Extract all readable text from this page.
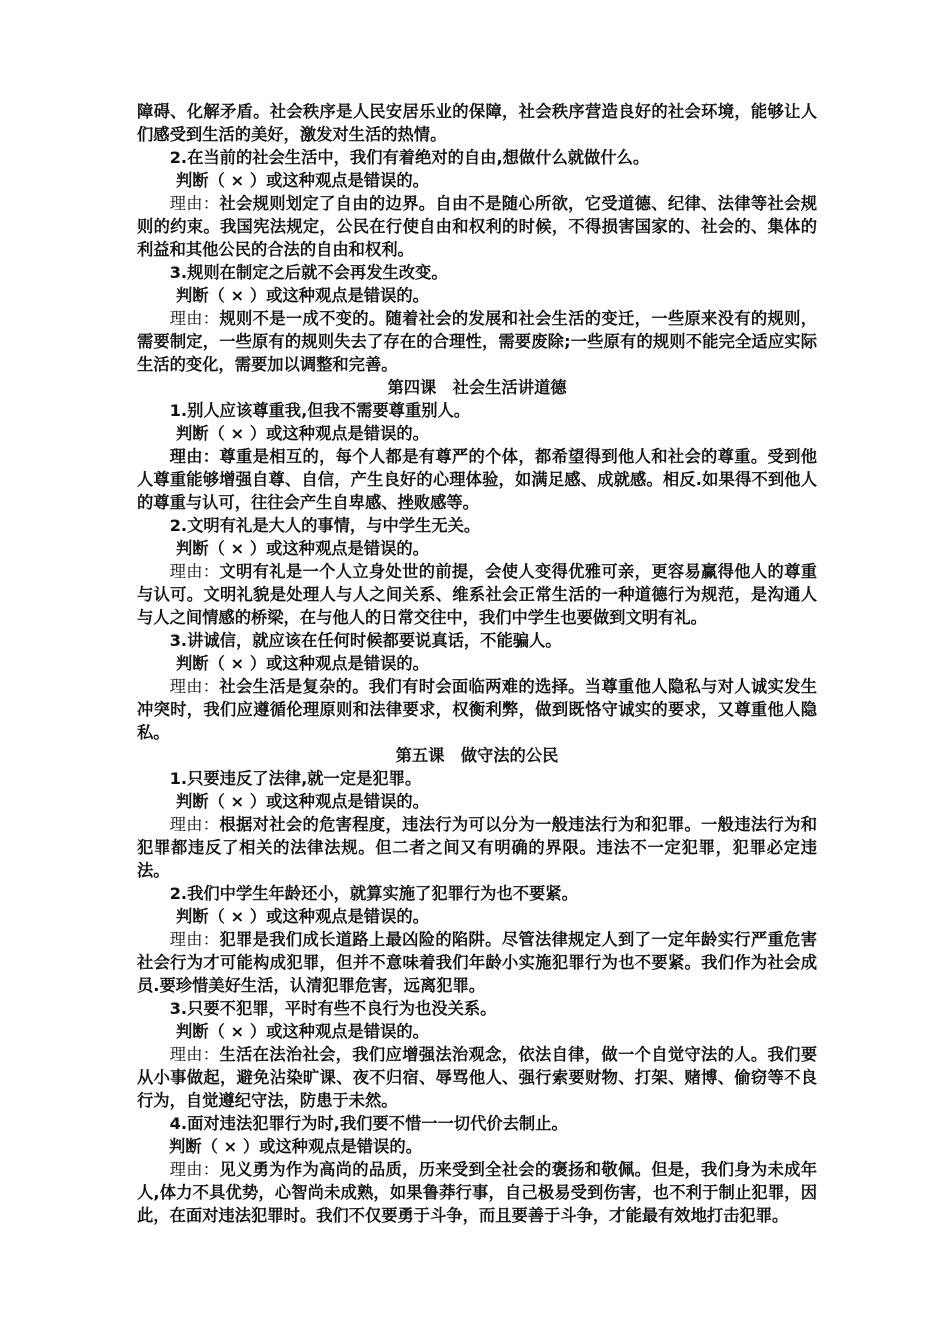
障碍、化解矛盾。社会秩序是人民安居乐业的保障，社会秩序营造良好的社会环境，能够让人们感受到生活的美好，激发对生活的热情。

2.在当前的社会生活中，我们有着绝对的自由,想做什么就做什么。

判断（ × ）或这种观点是错误的。

理由：社会规则划定了自由的边界。自由不是随心所欲，它受道德、纪律、法律等社会规则的约束。我国宪法规定，公民在行使自由和权利的时候，不得损害国家的、社会的、集体的利益和其他公民的合法的自由和权利。

3.规则在制定之后就不会再发生改变。

判断（ × ）或这种观点是错误的。

理由：规则不是一成不变的。随着社会的发展和社会生活的变迁，一些原来没有的规则，需要制定，一些原有的规则失去了存在的合理性，需要废除;一些原有的规则不能完全适应实际生活的变化，需要加以调整和完善。

第四课　社会生活讲道德

1.别人应该尊重我,但我不需要尊重别人。

判断（ × ）或这种观点是错误的。

理由：尊重是相互的，每个人都是有尊严的个体，都希望得到他人和社会的尊重。受到他人尊重能够增强自尊、自信，产生良好的心理体验，如满足感、成就感。相反.如果得不到他人的尊重与认可，往往会产生自卑感、挫败感等。

2.文明有礼是大人的事情，与中学生无关。

判断（ × ）或这种观点是错误的。

理由：文明有礼是一个人立身处世的前提，会使人变得优雅可亲，更容易赢得他人的尊重与认可。文明礼貌是处理人与人之间关系、维系社会正常生活的一种道德行为规范，是沟通人与人之间情感的桥梁，在与他人的日常交往中，我们中学生也要做到文明有礼。

3.讲诚信，就应该在任何时候都要说真话，不能骗人。

判断（ × ）或这种观点是错误的。

理由：社会生活是复杂的。我们有时会面临两难的选择。当尊重他人隐私与对人诚实发生冲突时，我们应遵循伦理原则和法律要求，权衡利弊，做到既恪守诚实的要求，又尊重他人隐私。

第五课　做守法的公民

1.只要违反了法律,就一定是犯罪。

判断（ × ）或这种观点是错误的。

理由：根据对社会的危害程度，违法行为可以分为一般违法行为和犯罪。一般违法行为和犯罪都违反了相关的法律法规。但二者之间又有明确的界限。违法不一定犯罪，犯罪必定违法。

2.我们中学生年龄还小，就算实施了犯罪行为也不要紧。

判断（ × ）或这种观点是错误的。

理由：犯罪是我们成长道路上最凶险的陷阱。尽管法律规定人到了一定年龄实行严重危害社会行为才可能构成犯罪，但并不意味着我们年龄小实施犯罪行为也不要紧。我们作为社会成员.要珍惜美好生活，认清犯罪危害，远离犯罪。

3.只要不犯罪，平时有些不良行为也没关系。

判断（ × ）或这种观点是错误的。

理由：生活在法治社会，我们应增强法治观念，依法自律，做一个自觉守法的人。我们要从小事做起，避免沾染旷课、夜不归宿、辱骂他人、强行索要财物、打架、赌博、偷窃等不良行为，自觉遵纪守法，防患于未然。

4.面对违法犯罪行为时,我们要不惜一一切代价去制止。

判断（ × ）或这种观点是错误的。

理由：见义勇为作为高尚的品质，历来受到全社会的褒扬和敬佩。但是，我们身为未成年人,体力不具优势，心智尚未成熟，如果鲁莽行事，自己极易受到伤害，也不利于制止犯罪，因此，在面对违法犯罪时。我们不仅要勇于斗争，而且要善于斗争，才能最有效地打击犯罪。
